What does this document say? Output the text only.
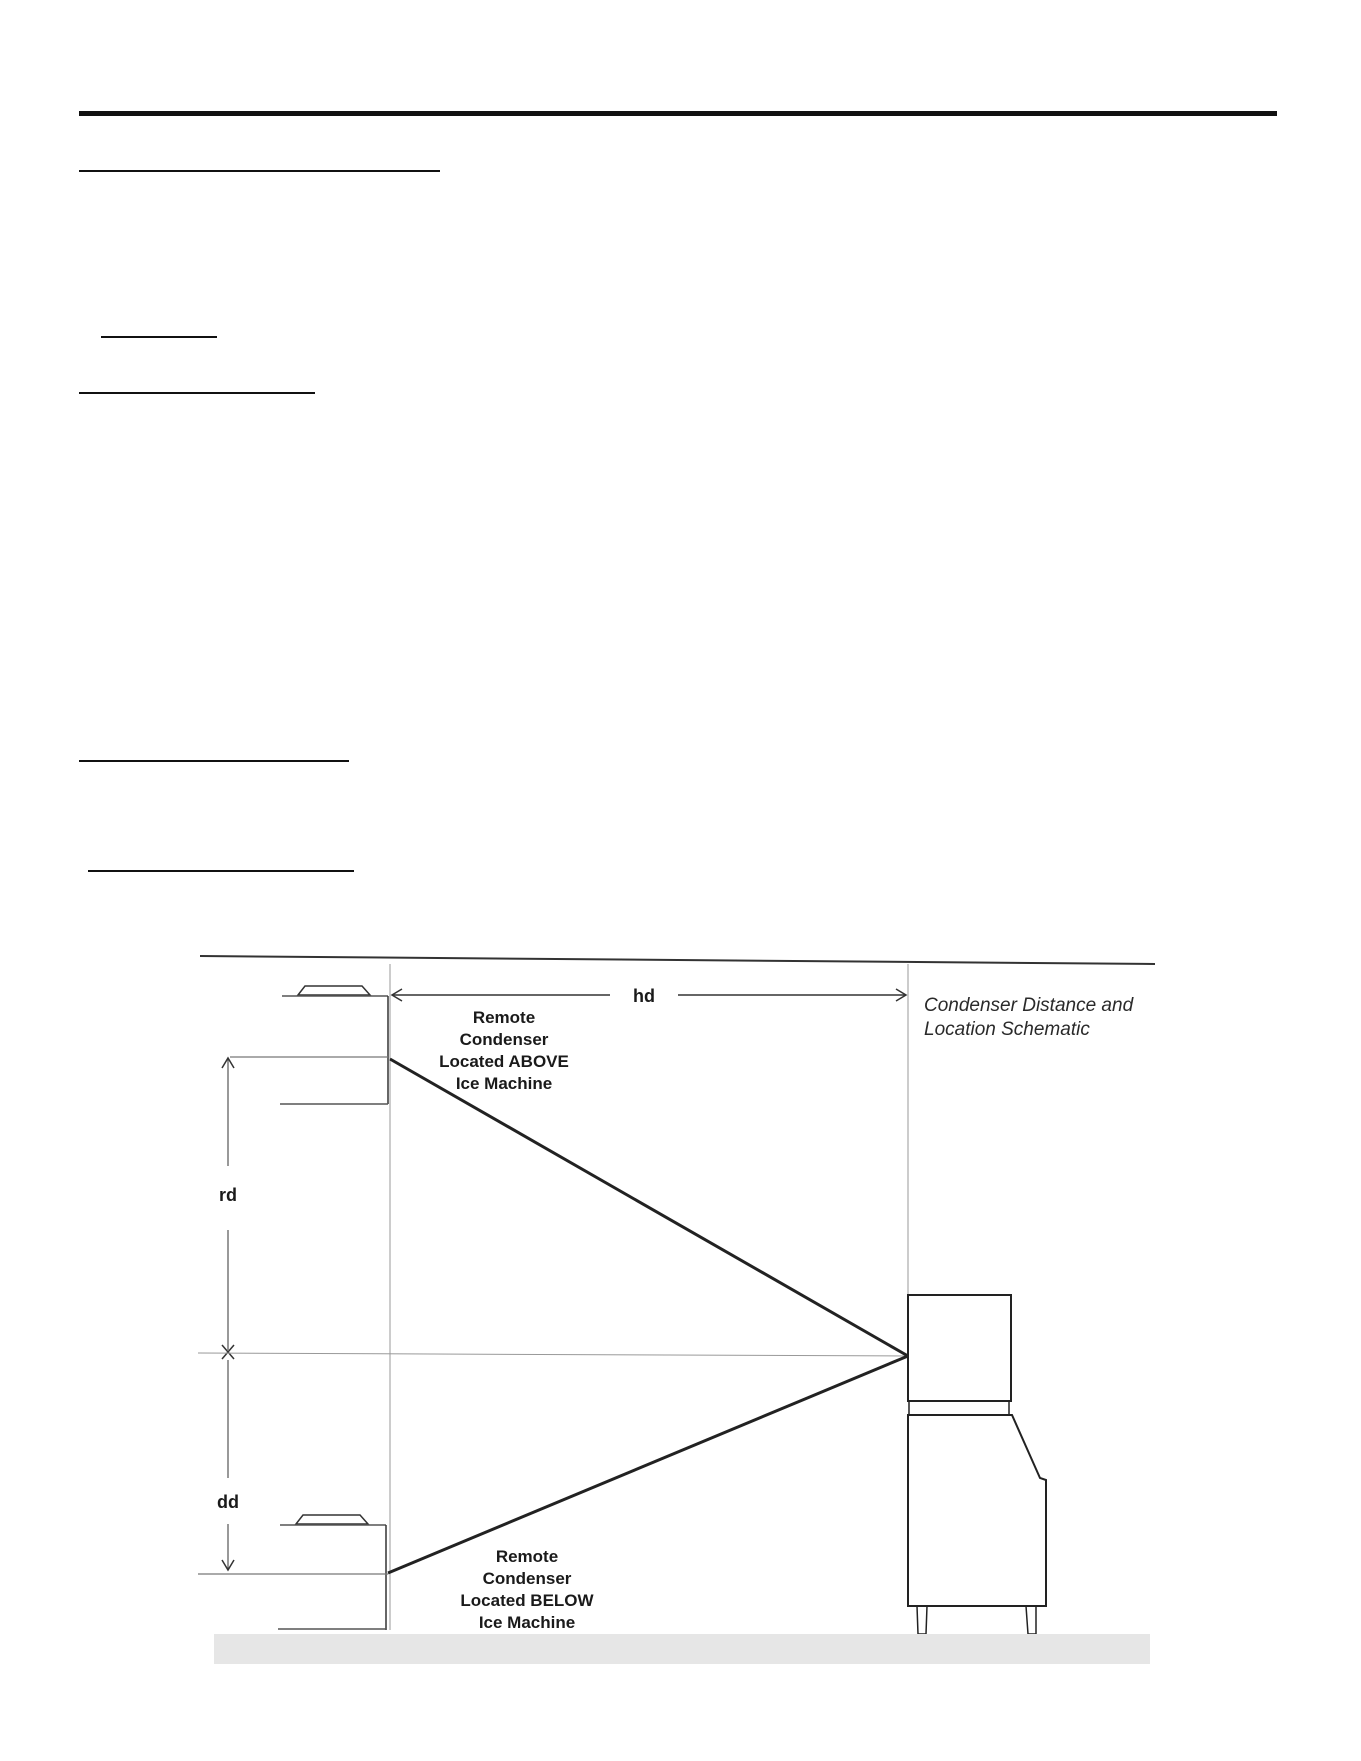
hd
Remote
Condenser
Located ABOVE
Ice Machine
rd
dd
Remote
Condenser
Located BELOW
Ice Machine
Condenser Distance and
Location Schematic
